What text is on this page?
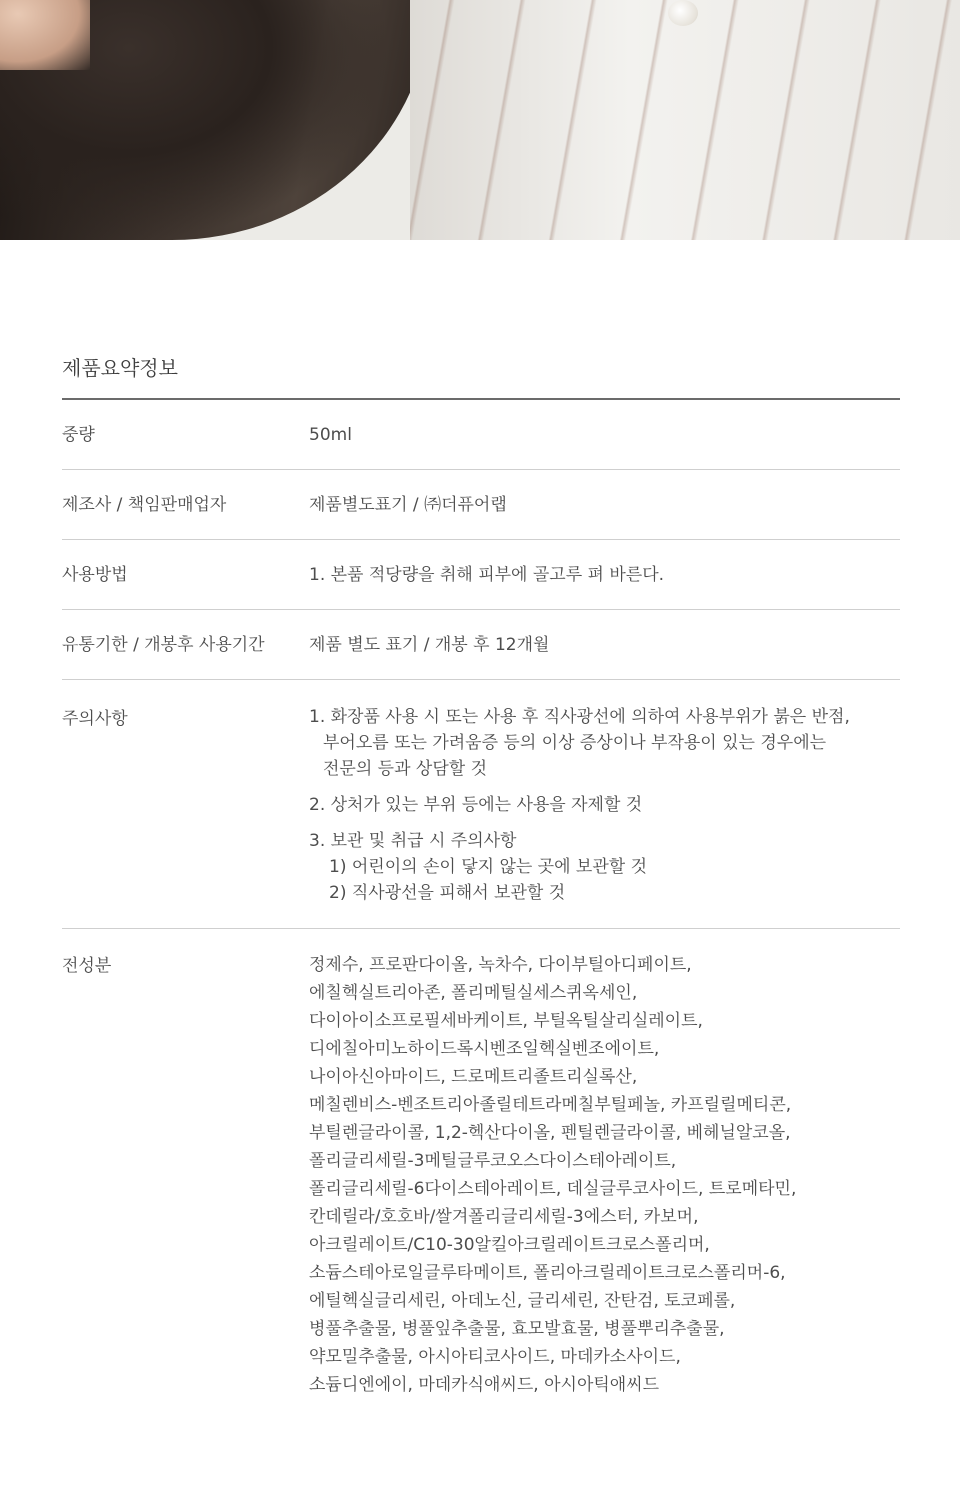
제품요약정보
중량	50ml
제조사 / 책임판매업자	제품별도표기 / ㈜더퓨어랩
사용방법	1. 본품 적당량을 취해 피부에 골고루 펴 바른다.
유통기한 / 개봉후 사용기간	제품 별도 표기 / 개봉 후 12개월
주의사항	1. 화장품 사용 시 또는 사용 후 직사광선에 의하여 사용부위가 붉은 반점,
부어오름 또는 가려움증 등의 이상 증상이나 부작용이 있는 경우에는
전문의 등과 상담할 것
2. 상처가 있는 부위 등에는 사용을 자제할 것
3. 보관 및 취급 시 주의사항
1) 어린이의 손이 닿지 않는 곳에 보관할 것
2) 직사광선을 피해서 보관할 것
전성분	정제수, 프로판다이올, 녹차수, 다이부틸아디페이트,
에칠헥실트리아존, 폴리메틸실세스퀴옥세인,
다이아이소프로필세바케이트, 부틸옥틸살리실레이트,
디에칠아미노하이드록시벤조일헥실벤조에이트,
나이아신아마이드, 드로메트리졸트리실록산,
메칠렌비스-벤조트리아졸릴테트라메칠부틸페놀, 카프릴릴메티콘,
부틸렌글라이콜, 1,2-헥산다이올, 펜틸렌글라이콜, 베헤닐알코올,
폴리글리세릴-3메틸글루코오스다이스테아레이트,
폴리글리세릴-6다이스테아레이트, 데실글루코사이드, 트로메타민,
칸데릴라/호호바/쌀겨폴리글리세릴-3에스터, 카보머,
아크릴레이트/C10-30알킬아크릴레이트크로스폴리머,
소듐스테아로일글루타메이트, 폴리아크릴레이트크로스폴리머-6,
에틸헥실글리세린, 아데노신, 글리세린, 잔탄검, 토코페롤,
병풀추출물, 병풀잎추출물, 효모발효물, 병풀뿌리추출물,
약모밀추출물, 아시아티코사이드, 마데카소사이드,
소듐디엔에이, 마데카식애씨드, 아시아틱애씨드
